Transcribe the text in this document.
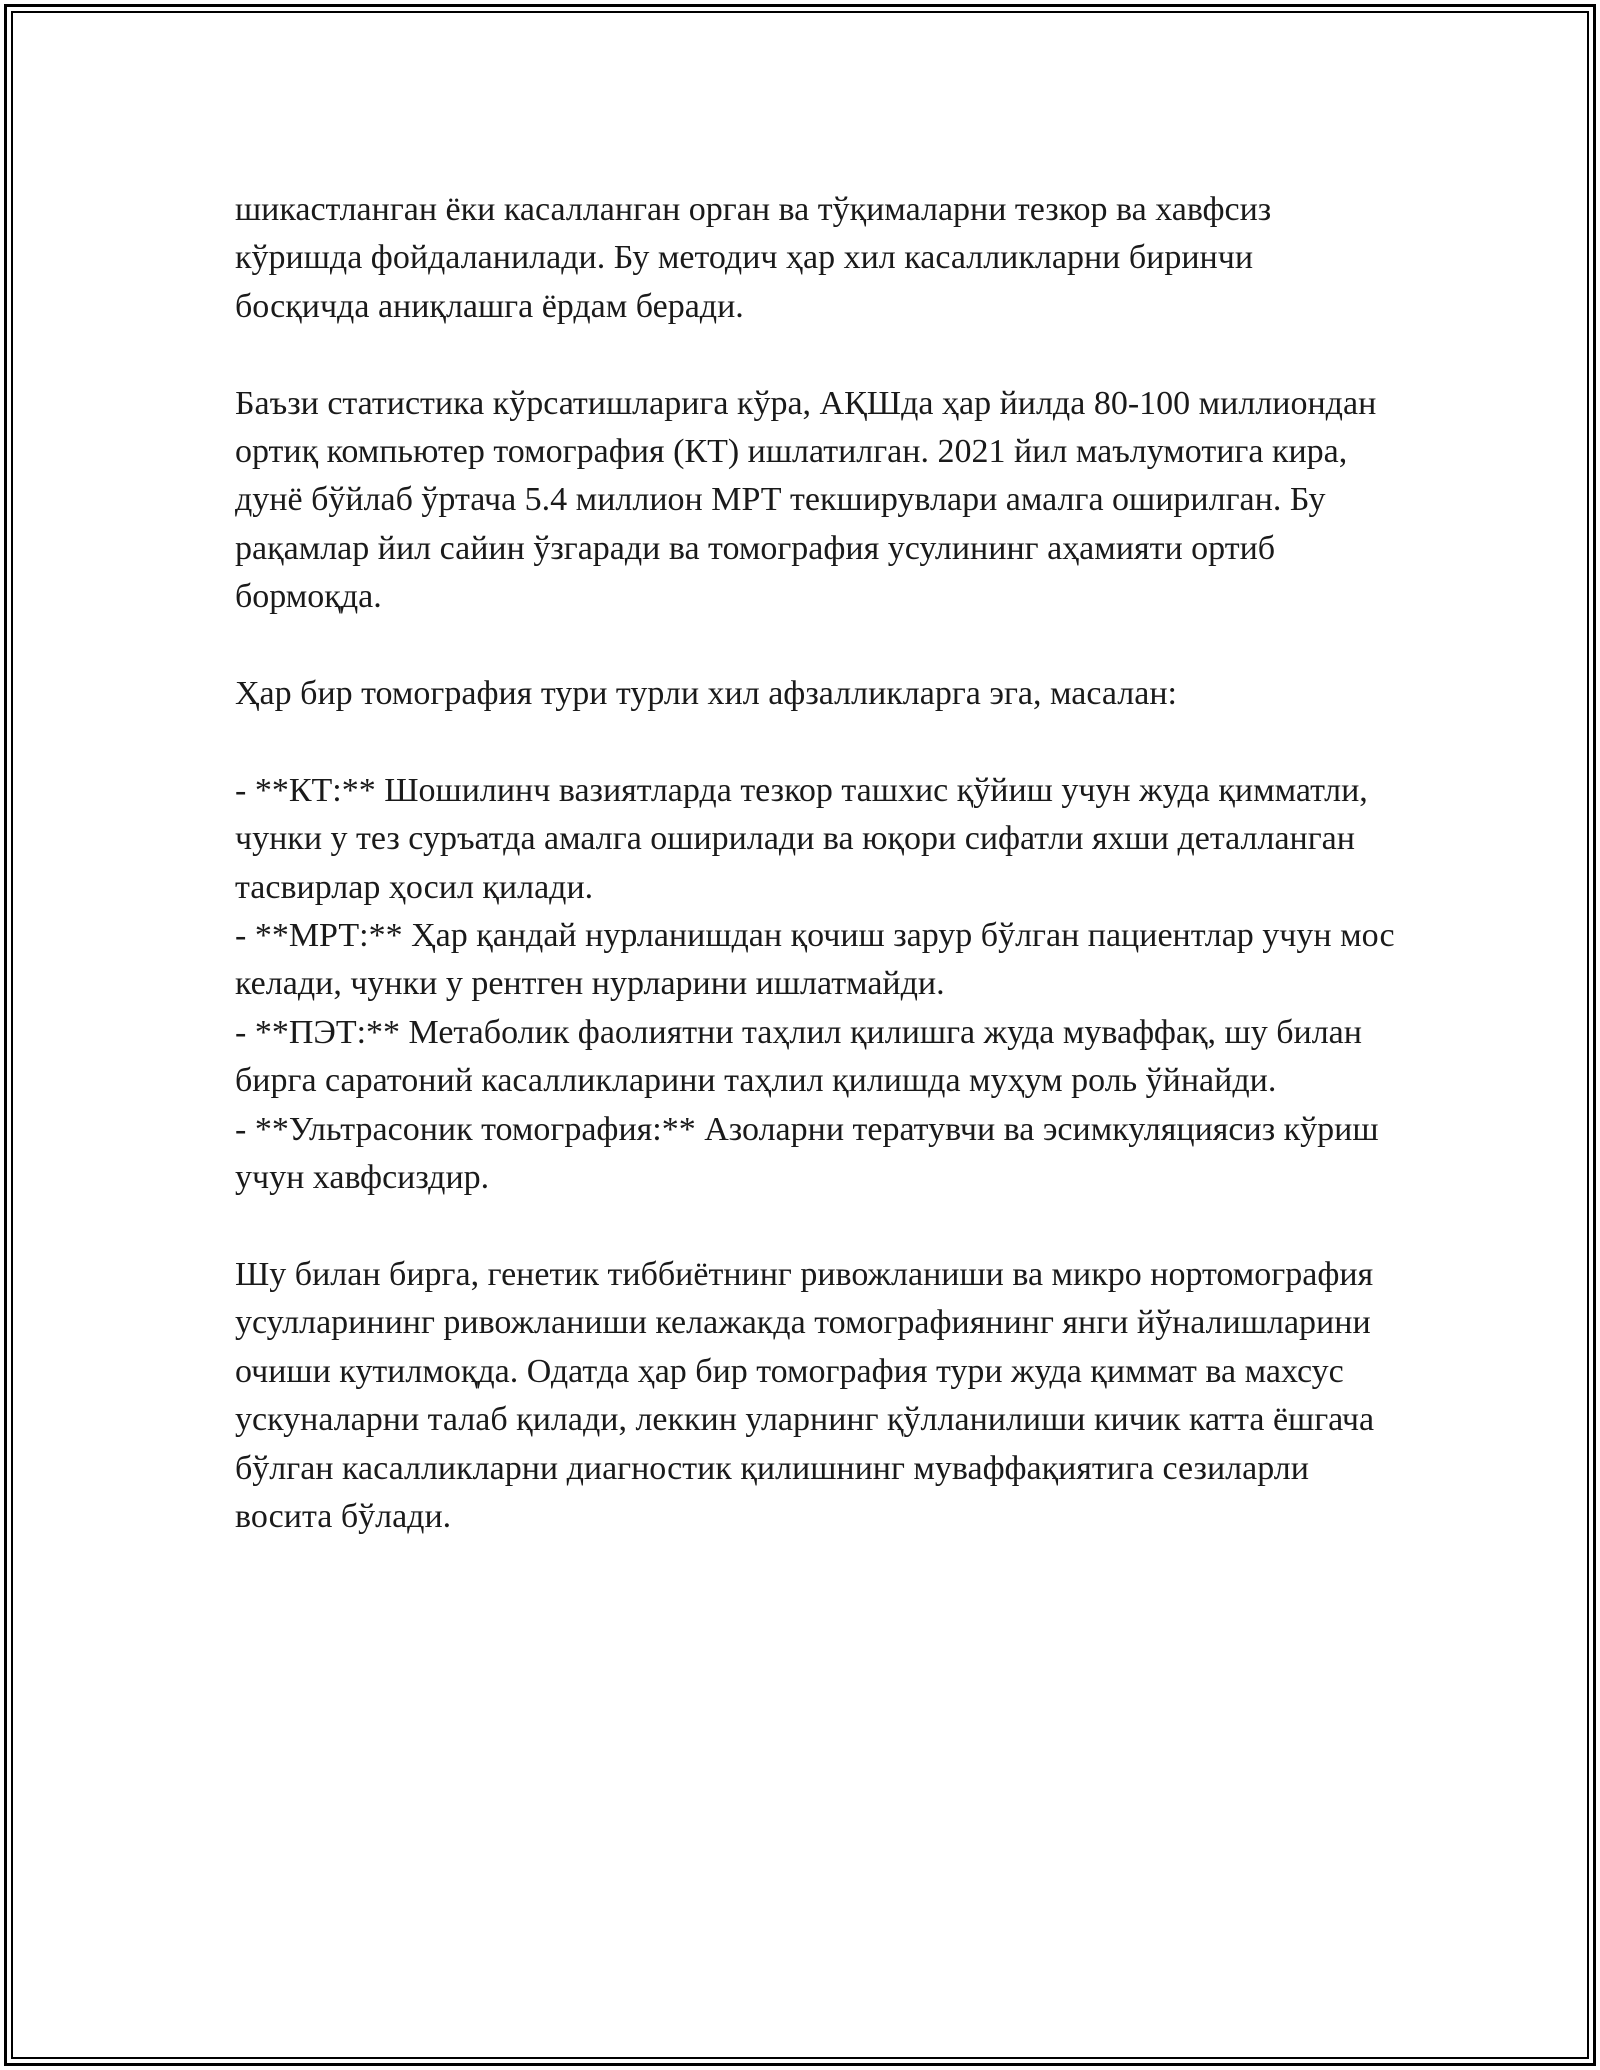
шикастланган ёки касалланган орган ва тўқималарни тезкор ва хавфсиз кўришда фойдаланилади. Бу методич ҳар хил касалликларни биринчи босқичда аниқлашга ёрдам беради.

Баъзи статистика кўрсатишларига кўра, АҚШда ҳар йилда 80-100 миллиондан ортиқ компьютер томография (КТ) ишлатилган. 2021 йил маълумотига кира, дунё бўйлаб ўртача 5.4 миллион МРТ текширувлари амалга оширилган. Бу рақамлар йил сайин ўзгаради ва томография усулининг аҳамияти ортиб бормоқда.

Ҳар бир томография тури турли хил афзалликларга эга, масалан:

- **КТ:** Шошилинч вазиятларда тезкор ташхис қўйиш учун жуда қимматли, чунки у тез суръатда амалга оширилади ва юқори сифатли яхши деталланган тасвирлар ҳосил қилади.

- **МРТ:** Ҳар қандай нурланишдан қочиш зарур бўлган пациентлар учун мос келади, чунки у рентген нурларини ишлатмайди.

- **ПЭТ:** Метаболик фаолиятни таҳлил қилишга жуда муваффақ, шу билан бирга саратоний касалликларини таҳлил қилишда муҳум роль ўйнайди.

- **Ультрасоник томография:** Азоларни тератувчи ва эсимкуляциясиз кўриш учун хавфсиздир.

Шу билан бирга, генетик тиббиётнинг ривожланиши ва микро нортомография усулларининг ривожланиши келажакда томографиянинг янги йўналишларини очиши кутилмоқда. Одатда ҳар бир томография тури жуда қиммат ва махсус ускуналарни талаб қилади, леккин уларнинг қўлланилиши кичик катта ёшгача бўлган касалликларни диагностик қилишнинг муваффақиятига сезиларли восита бўлади.
